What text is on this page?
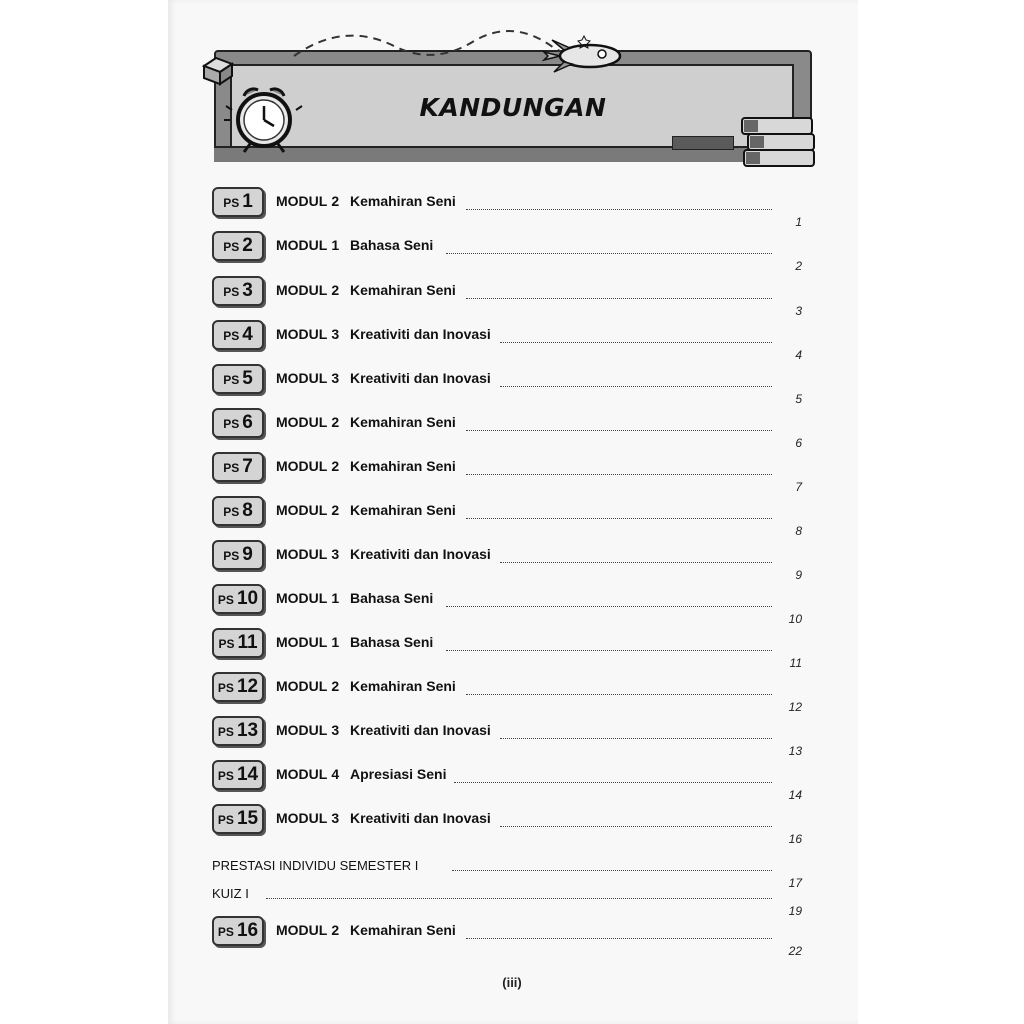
KANDUNGAN
PS 1 MODUL 2 Kemahiran Seni
1
PS 2 MODUL 1 Bahasa Seni
2
PS 3 MODUL 2 Kemahiran Seni
3
PS 4 MODUL 3 Kreativiti dan Inovasi
4
PS 5 MODUL 3 Kreativiti dan Inovasi
5
PS 6 MODUL 2 Kemahiran Seni
6
PS 7 MODUL 2 Kemahiran Seni
7
PS 8 MODUL 2 Kemahiran Seni
8
PS 9 MODUL 3 Kreativiti dan Inovasi
9
PS 10 MODUL 1 Bahasa Seni
10
PS 11 MODUL 1 Bahasa Seni
11
PS 12 MODUL 2 Kemahiran Seni
12
PS 13 MODUL 3 Kreativiti dan Inovasi
13
PS 14 MODUL 4 Apresiasi Seni
14
PS 15 MODUL 3 Kreativiti dan Inovasi
16
PRESTASI INDIVIDU SEMESTER I
17
KUIZ I
19
PS 16 MODUL 2 Kemahiran Seni
22
(iii)
